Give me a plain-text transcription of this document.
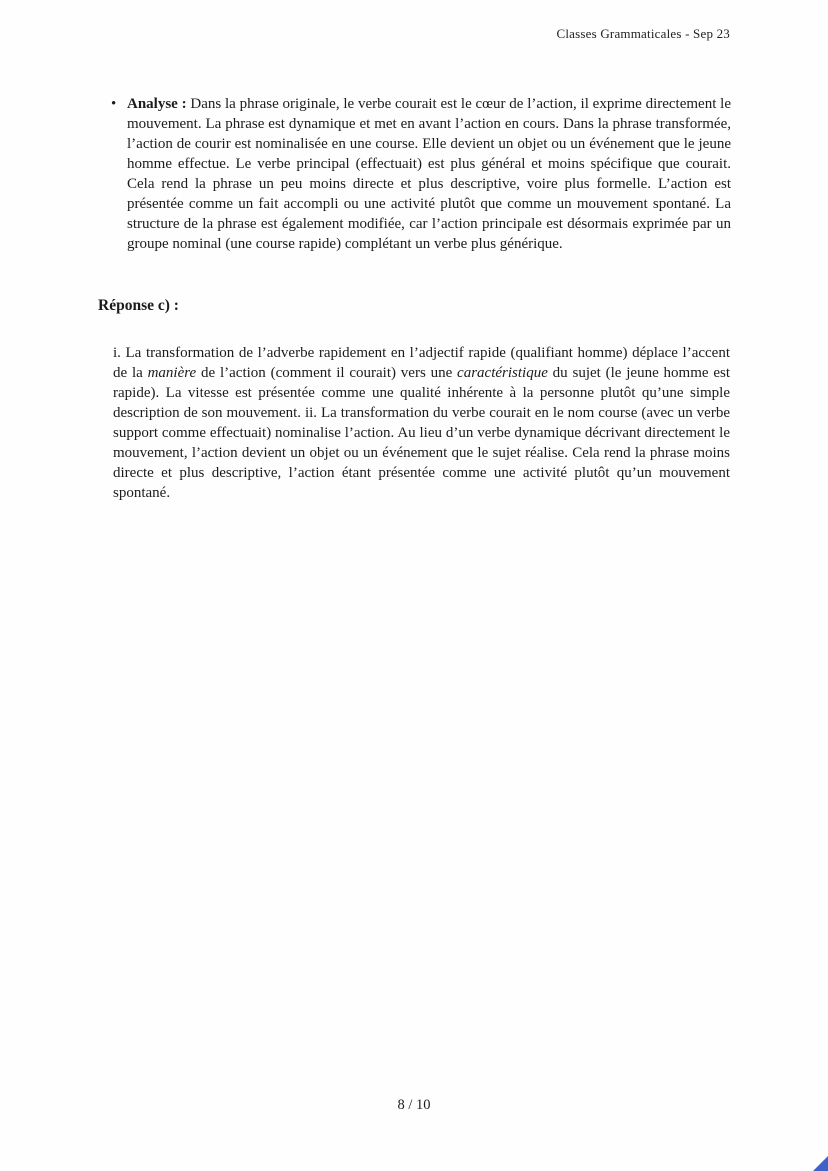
Classes Grammaticales - Sep 23
• Analyse : Dans la phrase originale, le verbe courait est le cœur de l’action, il exprime directement le mouvement. La phrase est dynamique et met en avant l’action en cours. Dans la phrase transformée, l’action de courir est nominalisée en une course. Elle devient un objet ou un événement que le jeune homme effectue. Le verbe principal (effectuait) est plus général et moins spécifique que courait. Cela rend la phrase un peu moins directe et plus descriptive, voire plus formelle. L’action est présentée comme un fait accompli ou une activité plutôt que comme un mouvement spontané. La structure de la phrase est également modifiée, car l’action principale est désormais exprimée par un groupe nominal (une course rapide) complétant un verbe plus générique.

Réponse c) :

i. La transformation de l’adverbe rapidement en l’adjectif rapide (qualifiant homme) déplace l’accent de la manière de l’action (comment il courait) vers une caractéristique du sujet (le jeune homme est rapide). La vitesse est présentée comme une qualité inhérente à la personne plutôt qu’une simple description de son mouvement. ii. La transformation du verbe courait en le nom course (avec un verbe support comme effectuait) nominalise l’action. Au lieu d’un verbe dynamique décrivant directement le mouvement, l’action devient un objet ou un événement que le sujet réalise. Cela rend la phrase moins directe et plus descriptive, l’action étant présentée comme une activité plutôt qu’un mouvement spontané.

8 / 10
